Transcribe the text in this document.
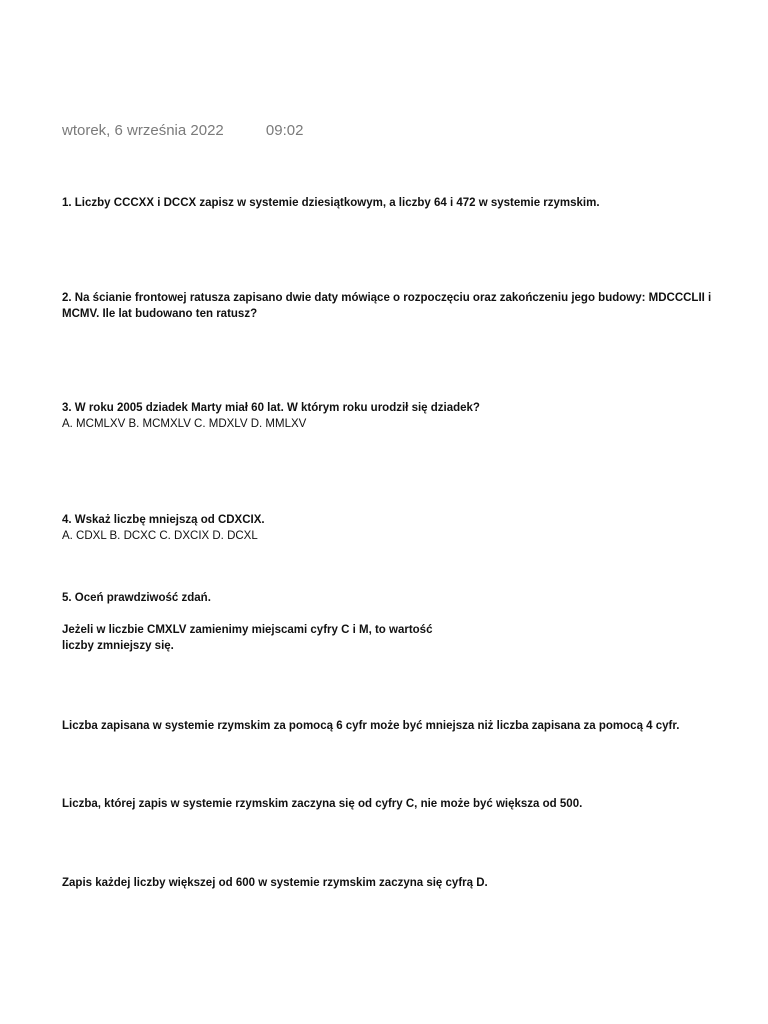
wtorek, 6 września 2022	09:02
1. Liczby CCCXX i DCCX zapisz w systemie dziesiątkowym, a liczby 64 i 472 w systemie rzymskim.
2. Na ścianie frontowej ratusza zapisano dwie daty mówiące o rozpoczęciu oraz zakończeniu jego budowy: MDCCCLII i MCMV. Ile lat budowano ten ratusz?
3. W roku 2005 dziadek Marty miał 60 lat. W którym roku urodził się dziadek?
A. MCMLXV B. MCMXLV C. MDXLV D. MMLXV
4. Wskaż liczbę mniejszą od CDXCIX.
A. CDXL B. DCXC C. DXCIX D. DCXL
5. Oceń prawdziwość zdań.
Jeżeli w liczbie CMXLV zamienimy miejscami cyfry C i M, to wartość liczby zmniejszy się.
Liczba zapisana w systemie rzymskim za pomocą 6 cyfr może być mniejsza niż liczba zapisana za pomocą 4 cyfr.
Liczba, której zapis w systemie rzymskim zaczyna się od cyfry C, nie może być większa od 500.
Zapis każdej liczby większej od 600 w systemie rzymskim zaczyna się cyfrą D.
